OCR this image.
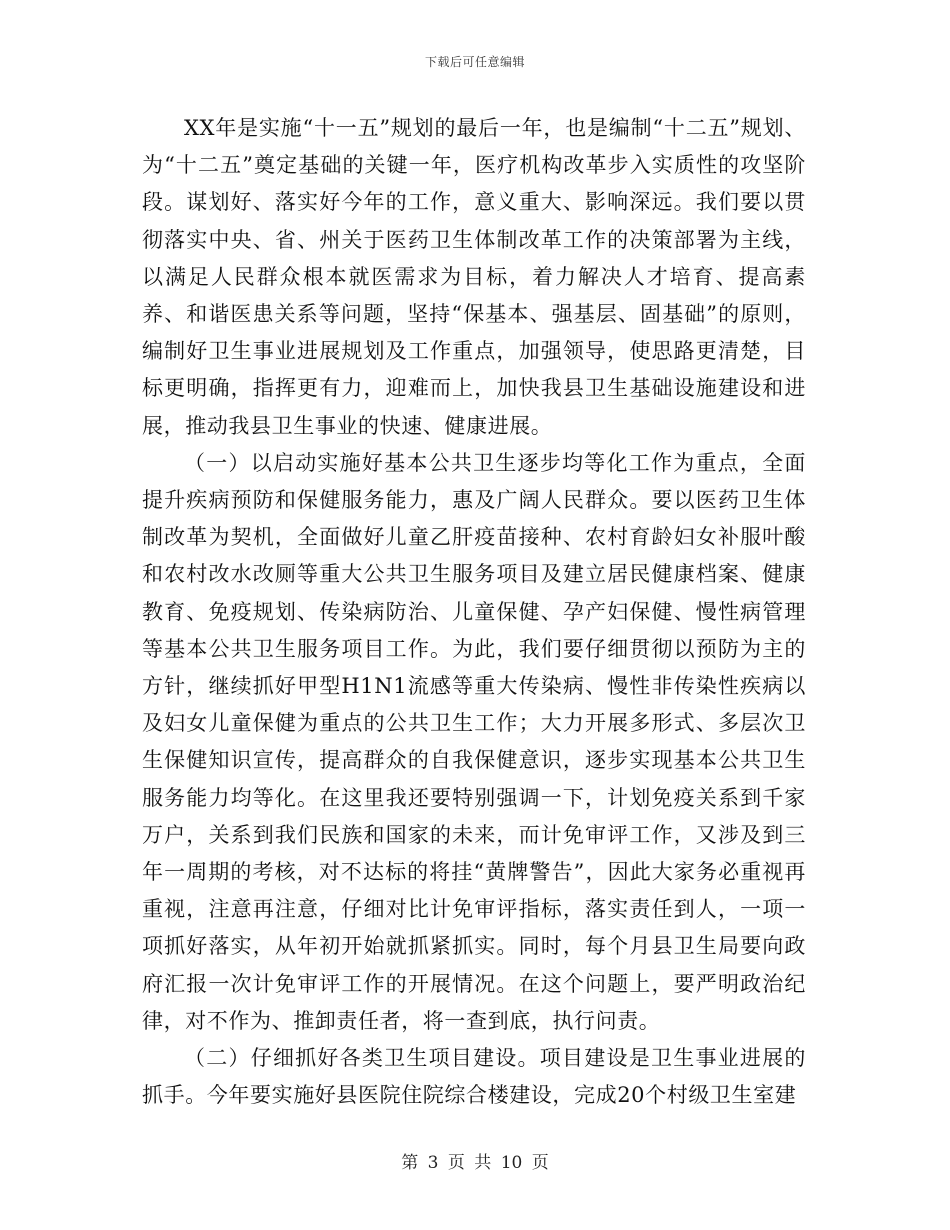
下载后可任意编辑

XX年是实施“十一五”规划的最后一年，也是编制“十二五”规划、为“十二五”奠定基础的关键一年，医疗机构改革步入实质性的攻坚阶段。谋划好、落实好今年的工作，意义重大、影响深远。我们要以贯彻落实中央、省、州关于医药卫生体制改革工作的决策部署为主线，以满足人民群众根本就医需求为目标，着力解决人才培育、提高素养、和谐医患关系等问题，坚持“保基本、强基层、固基础”的原则，编制好卫生事业进展规划及工作重点，加强领导，使思路更清楚，目标更明确，指挥更有力，迎难而上，加快我县卫生基础设施建设和进展，推动我县卫生事业的快速、健康进展。

（一）以启动实施好基本公共卫生逐步均等化工作为重点，全面提升疾病预防和保健服务能力，惠及广阔人民群众。要以医药卫生体制改革为契机，全面做好儿童乙肝疫苗接种、农村育龄妇女补服叶酸和农村改水改厕等重大公共卫生服务项目及建立居民健康档案、健康教育、免疫规划、传染病防治、儿童保健、孕产妇保健、慢性病管理等基本公共卫生服务项目工作。为此，我们要仔细贯彻以预防为主的方针，继续抓好甲型H1N1流感等重大传染病、慢性非传染性疾病以及妇女儿童保健为重点的公共卫生工作；大力开展多形式、多层次卫生保健知识宣传，提高群众的自我保健意识，逐步实现基本公共卫生服务能力均等化。在这里我还要特别强调一下，计划免疫关系到千家万户，关系到我们民族和国家的未来，而计免审评工作，又涉及到三年一周期的考核，对不达标的将挂“黄牌警告”，因此大家务必重视再重视，注意再注意，仔细对比计免审评指标，落实责任到人，一项一项抓好落实，从年初开始就抓紧抓实。同时，每个月县卫生局要向政府汇报一次计免审评工作的开展情况。在这个问题上，要严明政治纪律，对不作为、推卸责任者，将一查到底，执行问责。

（二）仔细抓好各类卫生项目建设。项目建设是卫生事业进展的抓手。今年要实施好县医院住院综合楼建设，完成20个村级卫生室建

第 3 页 共 10 页
